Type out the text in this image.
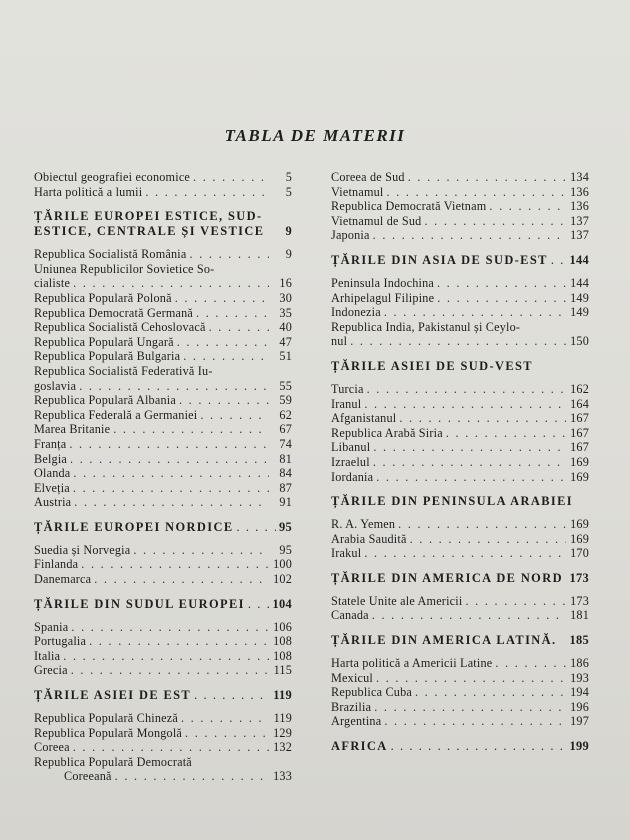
TABLA DE MATERII
Obiectul geografiei economice . . .	5
Harta politică a lumii . . .	5
ȚĂRILE EUROPEI ESTICE, SUD-
ESTICE, CENTRALE ȘI VESTICE 9
Republica Socialistă România . . .	9
Uniunea Republicilor Sovietice So-
cialiste . . .	16
Republica Populară Polonă . . .	30
Republica Democrată Germană . . .	35
Republica Socialistă Cehoslovacă . . .	40
Republica Populară Ungară . . .	47
Republica Populară Bulgaria . . .	51
Republica Socialistă Federativă Iu-
goslavia . . .	55
Republica Populară Albania . . .	59
Republica Federală a Germaniei . . .	62
Marea Britanie . . .	67
Franța . . .	74
Belgia . . .	81
Olanda . . .	84
Elveția . . .	87
Austria . . .	91
ȚĂRILE EUROPEI NORDICE . . .	95
Suedia și Norvegia . . .	95
Finlanda . . .	100
Danemarca . . .	102
ȚĂRILE DIN SUDUL EUROPEI . . . 104
Spania . . .	106
Portugalia . . .	108
Italia . . .	108
Grecia . . .	115
ȚĂRILE ASIEI DE EST . . .	119
Republica Populară Chineză . . .	119
Republica Populară Mongolă . . .	129
Coreea . . .	132
Republica Populară Democrată
Coreeană . . .	133
Coreea de Sud . . .	134
Vietnamul . . .	136
Republica Democrată Vietnam . . .	136
Vietnamul de Sud . . .	137
Japonia . . .	137
ȚĂRILE DIN ASIA DE SUD-EST . . . 144
Peninsula Indochina . . .	144
Arhipelagul Filipine . . .	149
Indonezia . . .	149
Republica India, Pakistanul și Ceylo-
nul . . .	150
ȚĂRILE ASIEI DE SUD-VEST
Turcia . . .	162
Iranul . . .	164
Afganistanul . . .	167
Republica Arabă Siria . . .	167
Libanul . . .	167
Izraelul . . .	169
Iordania . . .	169
ȚĂRILE DIN PENINSULA ARABIEI
R. A. Yemen . . .	169
Arabia Saudită . . .	169
Irakul . . .	170
ȚĂRILE DIN AMERICA DE NORD 173
Statele Unite ale Americii . . .	173
Canada . . .	181
ȚĂRILE DIN AMERICA LATINĂ. 185
Harta politică a Americii Latine . . .	186
Mexicul . . .	193
Republica Cuba . . .	194
Brazilia . . .	196
Argentina . . .	197
AFRICA . . .	199
